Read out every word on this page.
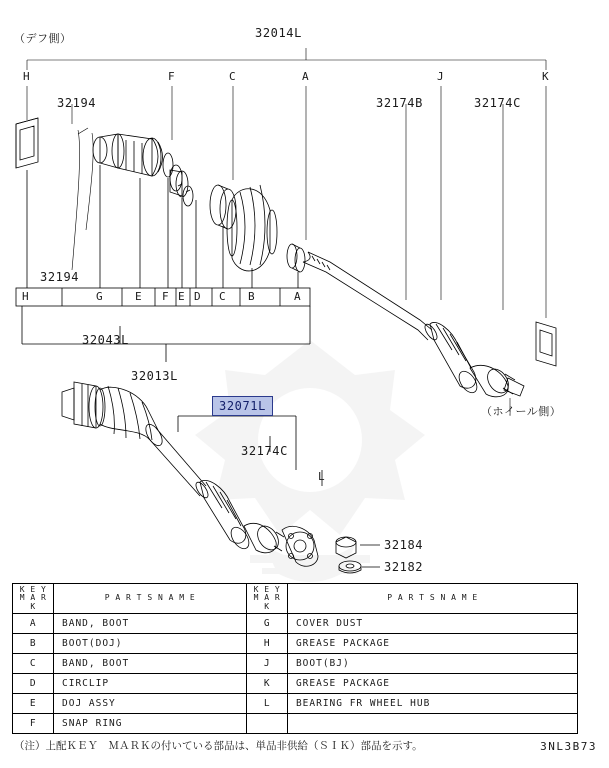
（デフ側）
（ホイール側）
32014L
32194
32194
32174B	32174C
32043L
32013L
32174C
32184
32182
32071L
H	F	C	A	J	K
H	G	E F E D C B	A
L
K E Y
M A R K	P A R T S N A M E	K E Y
M A R K	P A R T S N A M E
A	BAND, BOOT	G	COVER DUST
B	BOOT(DOJ)	H	GREASE PACKAGE
C	BAND, BOOT	J	BOOT(BJ)
D	CIRCLIP	K	GREASE PACKAGE
E	DOJ ASSY	L	BEARING FR WHEEL HUB
F	SNAP RING		
（注）上配ＫＥＹ　ＭＡＲＫの付いている部品は、単品非供給（ＳＩＫ）部品を示す。	3NL3B73
